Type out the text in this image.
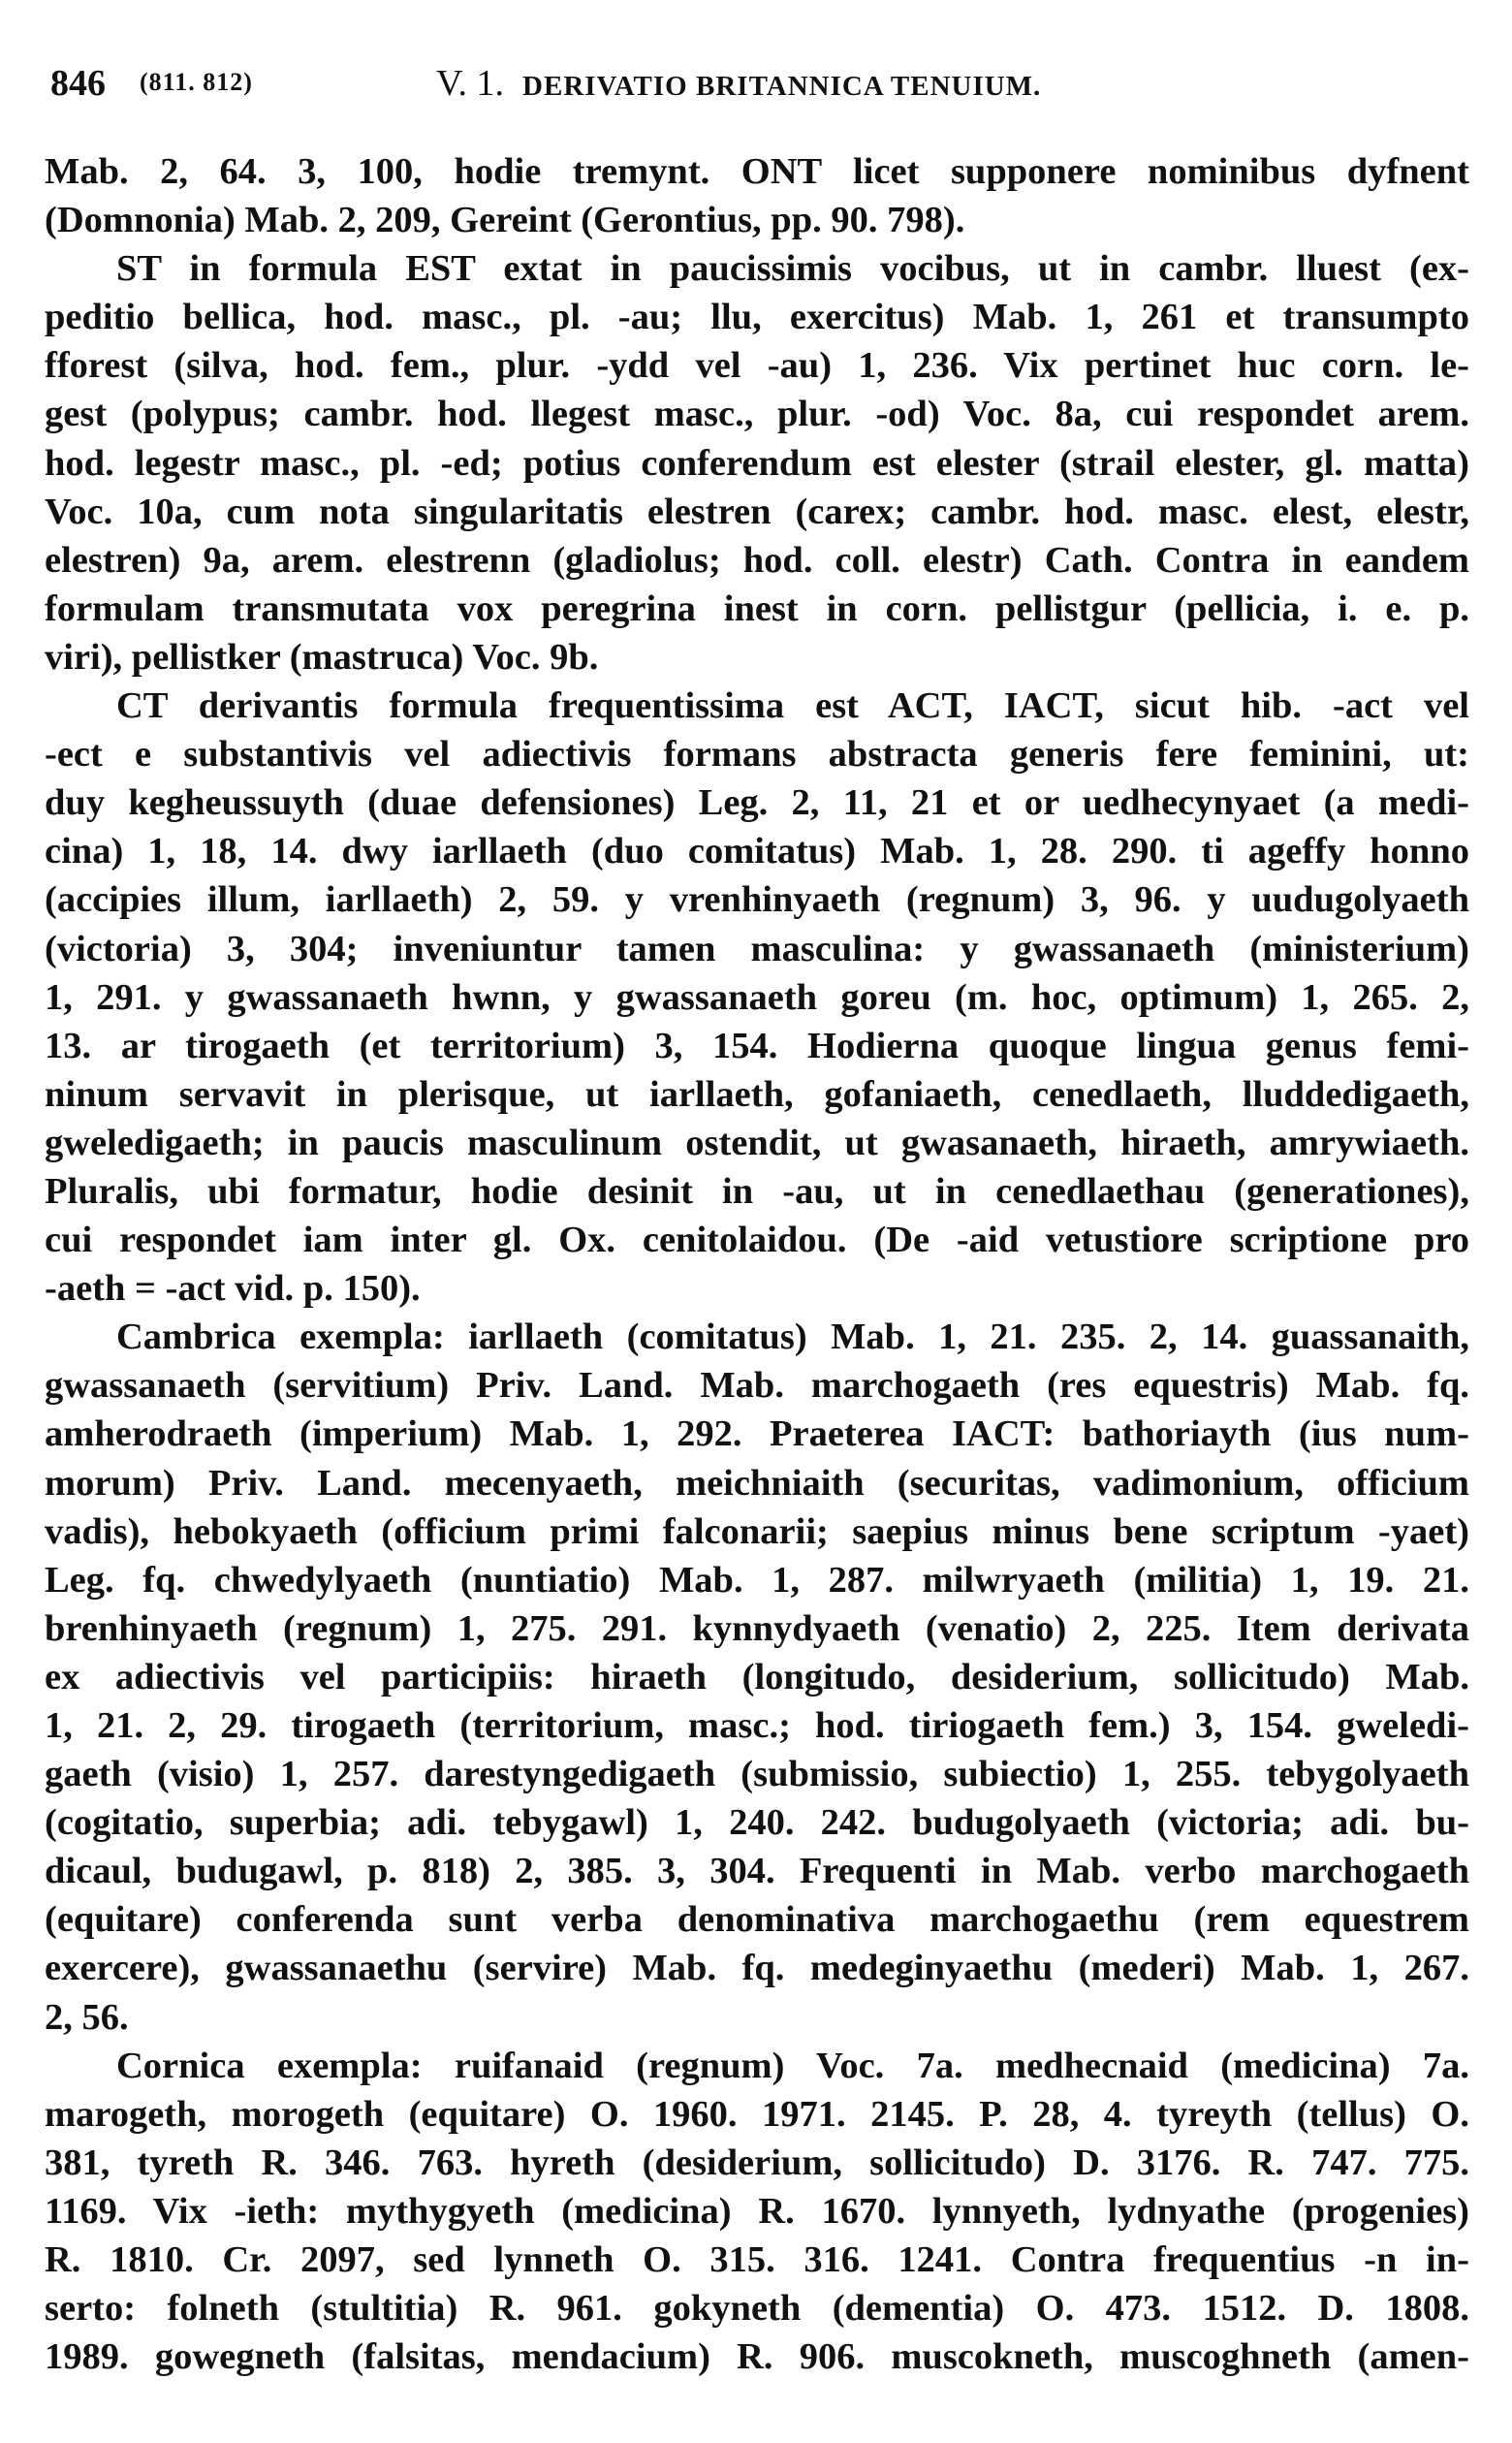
846 (811. 812)	V. 1. DERIVATIO BRITANNICA TENUIUM.
Mab. 2, 64. 3, 100, hodie tremynt. ONT licet supponere nominibus dyfnent
(Domnonia) Mab. 2, 209, Gereint (Gerontius, pp. 90. 798).
ST in formula EST extat in paucissimis vocibus, ut in cambr. lluest (ex-
peditio bellica, hod. masc., pl. -au; llu, exercitus) Mab. 1, 261 et transumpto
fforest (silva, hod. fem., plur. -ydd vel -au) 1, 236. Vix pertinet huc corn. le-
gest (polypus; cambr. hod. llegest masc., plur. -od) Voc. 8a, cui respondet arem.
hod. legestr masc., pl. -ed; potius conferendum est elester (strail elester, gl. matta)
Voc. 10a, cum nota singularitatis elestren (carex; cambr. hod. masc. elest, elestr,
elestren) 9a, arem. elestrenn (gladiolus; hod. coll. elestr) Cath. Contra in eandem
formulam transmutata vox peregrina inest in corn. pellistgur (pellicia, i. e. p.
viri), pellistker (mastruca) Voc. 9b.
CT derivantis formula frequentissima est ACT, IACT, sicut hib. -act vel
-ect e substantivis vel adiectivis formans abstracta generis fere feminini, ut:
duy kegheussuyth (duae defensiones) Leg. 2, 11, 21 et or uedhecynyaet (a medi-
cina) 1, 18, 14. dwy iarllaeth (duo comitatus) Mab. 1, 28. 290. ti ageffy honno
(accipies illum, iarllaeth) 2, 59. y vrenhinyaeth (regnum) 3, 96. y uudugolyaeth
(victoria) 3, 304; inveniuntur tamen masculina: y gwassanaeth (ministerium)
1, 291. y gwassanaeth hwnn, y gwassanaeth goreu (m. hoc, optimum) 1, 265. 2,
13. ar tirogaeth (et territorium) 3, 154. Hodierna quoque lingua genus femi-
ninum servavit in plerisque, ut iarllaeth, gofaniaeth, cenedlaeth, lluddedigaeth,
gweledigaeth; in paucis masculinum ostendit, ut gwasanaeth, hiraeth, amrywiaeth.
Pluralis, ubi formatur, hodie desinit in -au, ut in cenedlaethau (generationes),
cui respondet iam inter gl. Ox. cenitolaidou. (De -aid vetustiore scriptione pro
-aeth = -act vid. p. 150).
Cambrica exempla: iarllaeth (comitatus) Mab. 1, 21. 235. 2, 14. guassanaith,
gwassanaeth (servitium) Priv. Land. Mab. marchogaeth (res equestris) Mab. fq.
amherodraeth (imperium) Mab. 1, 292. Praeterea IACT: bathoriayth (ius num-
morum) Priv. Land. mecenyaeth, meichniaith (securitas, vadimonium, officium
vadis), hebokyaeth (officium primi falconarii; saepius minus bene scriptum -yaet)
Leg. fq. chwedylyaeth (nuntiatio) Mab. 1, 287. milwryaeth (militia) 1, 19. 21.
brenhinyaeth (regnum) 1, 275. 291. kynnydyaeth (venatio) 2, 225. Item derivata
ex adiectivis vel participiis: hiraeth (longitudo, desiderium, sollicitudo) Mab.
1, 21. 2, 29. tirogaeth (territorium, masc.; hod. tiriogaeth fem.) 3, 154. gweledi-
gaeth (visio) 1, 257. darestyngedigaeth (submissio, subiectio) 1, 255. tebygolyaeth
(cogitatio, superbia; adi. tebygawl) 1, 240. 242. budugolyaeth (victoria; adi. bu-
dicaul, budugawl, p. 818) 2, 385. 3, 304. Frequenti in Mab. verbo marchogaeth
(equitare) conferenda sunt verba denominativa marchogaethu (rem equestrem
exercere), gwassanaethu (servire) Mab. fq. medeginyaethu (mederi) Mab. 1, 267.
2, 56.
Cornica exempla: ruifanaid (regnum) Voc. 7a. medhecnaid (medicina) 7a.
marogeth, morogeth (equitare) O. 1960. 1971. 2145. P. 28, 4. tyreyth (tellus) O.
381, tyreth R. 346. 763. hyreth (desiderium, sollicitudo) D. 3176. R. 747. 775.
1169. Vix -ieth: mythygyeth (medicina) R. 1670. lynnyeth, lydnyathe (progenies)
R. 1810. Cr. 2097, sed lynneth O. 315. 316. 1241. Contra frequentius -n in-
serto: folneth (stultitia) R. 961. gokyneth (dementia) O. 473. 1512. D. 1808.
1989. gowegneth (falsitas, mendacium) R. 906. muscokneth, muscoghneth (amen-
